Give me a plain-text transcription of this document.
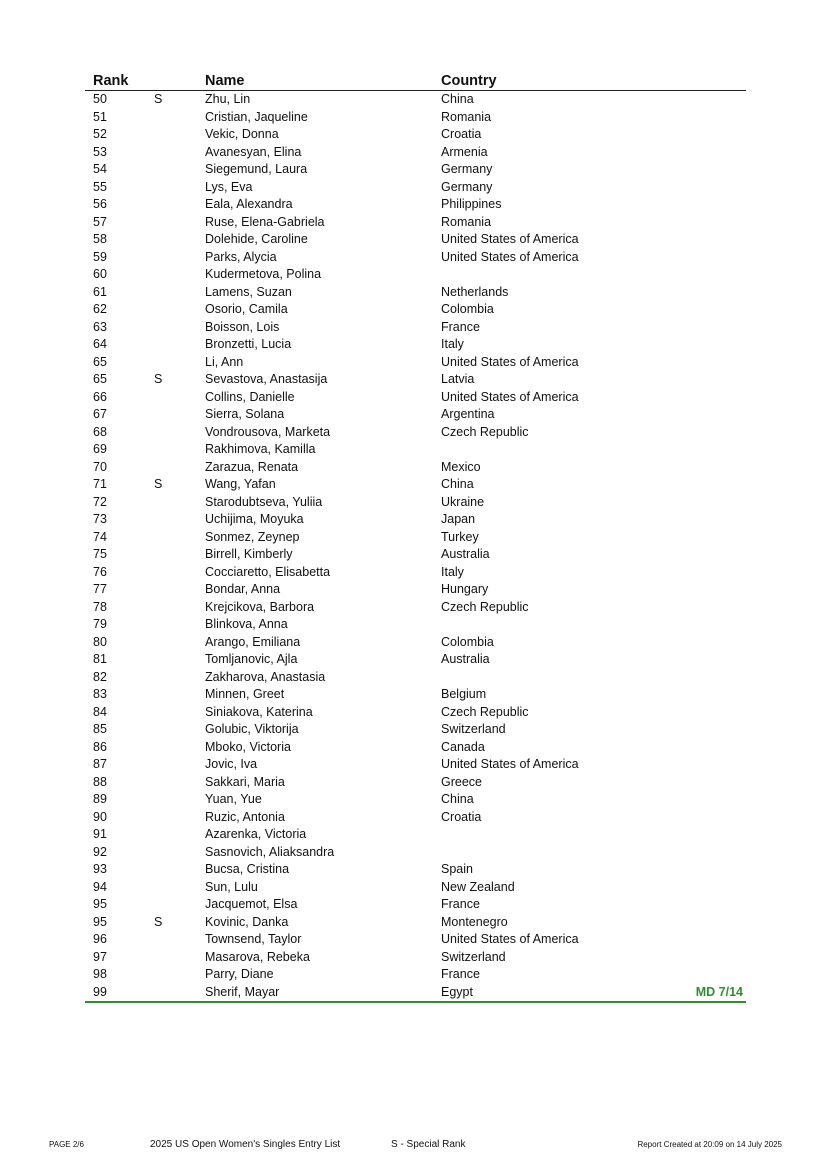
Rank	Name	Country
50	S	Zhu, Lin	China
51	Cristian, Jaqueline	Romania
52	Vekic, Donna	Croatia
53	Avanesyan, Elina	Armenia
54	Siegemund, Laura	Germany
55	Lys, Eva	Germany
56	Eala, Alexandra	Philippines
57	Ruse, Elena-Gabriela	Romania
58	Dolehide, Caroline	United States of America
59	Parks, Alycia	United States of America
60	Kudermetova, Polina
61	Lamens, Suzan	Netherlands
62	Osorio, Camila	Colombia
63	Boisson, Lois	France
64	Bronzetti, Lucia	Italy
65	Li, Ann	United States of America
65	S	Sevastova, Anastasija	Latvia
66	Collins, Danielle	United States of America
67	Sierra, Solana	Argentina
68	Vondrousova, Marketa	Czech Republic
69	Rakhimova, Kamilla
70	Zarazua, Renata	Mexico
71	S	Wang, Yafan	China
72	Starodubtseva, Yuliia	Ukraine
73	Uchijima, Moyuka	Japan
74	Sonmez, Zeynep	Turkey
75	Birrell, Kimberly	Australia
76	Cocciaretto, Elisabetta	Italy
77	Bondar, Anna	Hungary
78	Krejcikova, Barbora	Czech Republic
79	Blinkova, Anna
80	Arango, Emiliana	Colombia
81	Tomljanovic, Ajla	Australia
82	Zakharova, Anastasia
83	Minnen, Greet	Belgium
84	Siniakova, Katerina	Czech Republic
85	Golubic, Viktorija	Switzerland
86	Mboko, Victoria	Canada
87	Jovic, Iva	United States of America
88	Sakkari, Maria	Greece
89	Yuan, Yue	China
90	Ruzic, Antonia	Croatia
91	Azarenka, Victoria
92	Sasnovich, Aliaksandra
93	Bucsa, Cristina	Spain
94	Sun, Lulu	New Zealand
95	Jacquemot, Elsa	France
95	S	Kovinic, Danka	Montenegro
96	Townsend, Taylor	United States of America
97	Masarova, Rebeka	Switzerland
98	Parry, Diane	France
99	Sherif, Mayar	Egypt	MD 7/14
PAGE 2/6	2025 US Open Women's Singles Entry List	S - Special Rank	Report Created at 20:09 on 14 July 2025
